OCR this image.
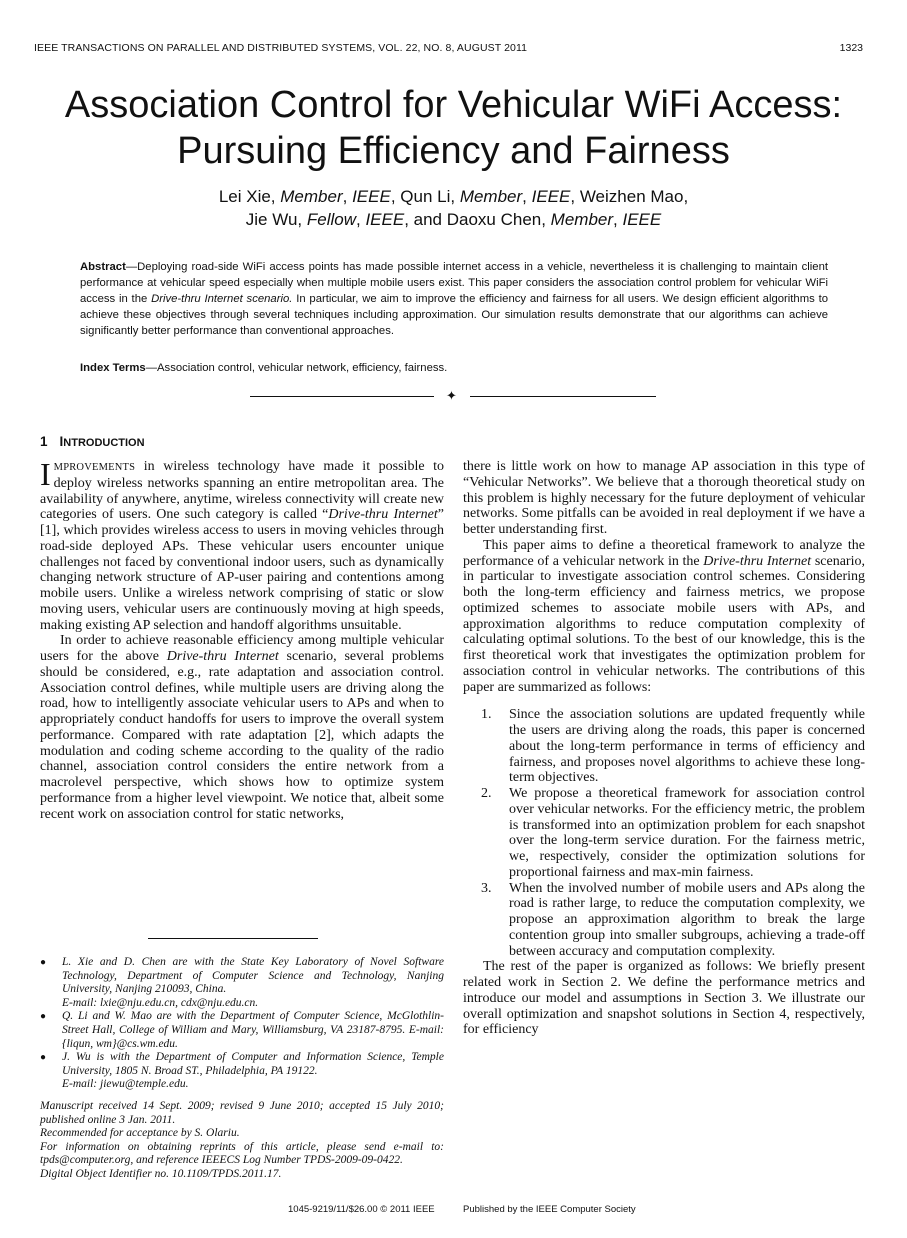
IEEE TRANSACTIONS ON PARALLEL AND DISTRIBUTED SYSTEMS, VOL. 22, NO. 8, AUGUST 2011	1323
Association Control for Vehicular WiFi Access:
Pursuing Efficiency and Fairness
Lei Xie, Member, IEEE, Qun Li, Member, IEEE, Weizhen Mao,
Jie Wu, Fellow, IEEE, and Daoxu Chen, Member, IEEE
Abstract—Deploying road-side WiFi access points has made possible internet access in a vehicle, nevertheless it is challenging to maintain client performance at vehicular speed especially when multiple mobile users exist. This paper considers the association control problem for vehicular WiFi access in the Drive-thru Internet scenario. In particular, we aim to improve the efficiency and fairness for all users. We design efficient algorithms to achieve these objectives through several techniques including approximation. Our simulation results demonstrate that our algorithms can achieve significantly better performance than conventional approaches.
Index Terms—Association control, vehicular network, efficiency, fairness.
✦
1 INTRODUCTION

IMPROVEMENTS in wireless technology have made it possible to deploy wireless networks spanning an entire metropolitan area. The availability of anywhere, anytime, wireless connectivity will create new categories of users. One such category is called “Drive-thru Internet” [1], which provides wireless access to users in moving vehicles through road-side deployed APs. These vehicular users encounter unique challenges not faced by conventional indoor users, such as dynamically changing network structure of AP-user pairing and contentions among mobile users. Unlike a wireless network comprising of static or slow moving users, vehicular users are continuously moving at high speeds, making existing AP selection and handoff algorithms unsuitable.

In order to achieve reasonable efficiency among multiple vehicular users for the above Drive-thru Internet scenario, several problems should be considered, e.g., rate adaptation and association control. Association control defines, while multiple users are driving along the road, how to intelligently associate vehicular users to APs and when to appropriately conduct handoffs for users to improve the overall system performance. Compared with rate adaptation [2], which adapts the modulation and coding scheme according to the quality of the radio channel, association control considers the entire network from a macrolevel perspective, which shows how to optimize system performance from a higher level viewpoint. We notice that, albeit some recent work on association control for static networks,

● L. Xie and D. Chen are with the State Key Laboratory of Novel Software Technology, Department of Computer Science and Technology, Nanjing University, Nanjing 210093, China.
E-mail: lxie@nju.edu.cn, cdx@nju.edu.cn.
● Q. Li and W. Mao are with the Department of Computer Science, McGlothlin-Street Hall, College of William and Mary, Williamsburg, VA 23187-8795. E-mail: {liqun, wm}@cs.wm.edu.
● J. Wu is with the Department of Computer and Information Science, Temple University, 1805 N. Broad ST., Philadelphia, PA 19122.
E-mail: jiewu@temple.edu.

Manuscript received 14 Sept. 2009; revised 9 June 2010; accepted 15 July 2010; published online 3 Jan. 2011.

Recommended for acceptance by S. Olariu.

For information on obtaining reprints of this article, please send e-mail to: tpds@computer.org, and reference IEEECS Log Number TPDS-2009-09-0422.

Digital Object Identifier no. 10.1109/TPDS.2011.17.

there is little work on how to manage AP association in this type of “Vehicular Networks”. We believe that a thorough theoretical study on this problem is highly necessary for the future deployment of vehicular networks. Some pitfalls can be avoided in real deployment if we have a better understanding first.

This paper aims to define a theoretical framework to analyze the performance of a vehicular network in the Drive-thru Internet scenario, in particular to investigate association control schemes. Considering both the long-term efficiency and fairness metrics, we propose optimized schemes to associate mobile users with APs, and approximation algorithms to reduce computation complexity of calculating optimal solutions. To the best of our knowledge, this is the first theoretical work that investigates the optimization problem for association control in vehicular networks. The contributions of this paper are summarized as follows:

1. Since the association solutions are updated frequently while the users are driving along the roads, this paper is concerned about the long-term performance in terms of efficiency and fairness, and proposes novel algorithms to achieve these long-term objectives.
2. We propose a theoretical framework for association control over vehicular networks. For the efficiency metric, the problem is transformed into an optimization problem for each snapshot over the long-term service duration. For the fairness metric, we, respectively, consider the optimization solutions for proportional fairness and max-min fairness.
3. When the involved number of mobile users and APs along the road is rather large, to reduce the computation complexity, we propose an approximation algorithm to break the large contention group into smaller subgroups, achieving a trade-off between accuracy and computation complexity.

The rest of the paper is organized as follows: We briefly present related work in Section 2. We define the performance metrics and introduce our model and assumptions in Section 3. We illustrate our overall optimization and snapshot solutions in Section 4, respectively, for efficiency

1045-9219/11/$26.00 © 2011 IEEE	Published by the IEEE Computer Society
